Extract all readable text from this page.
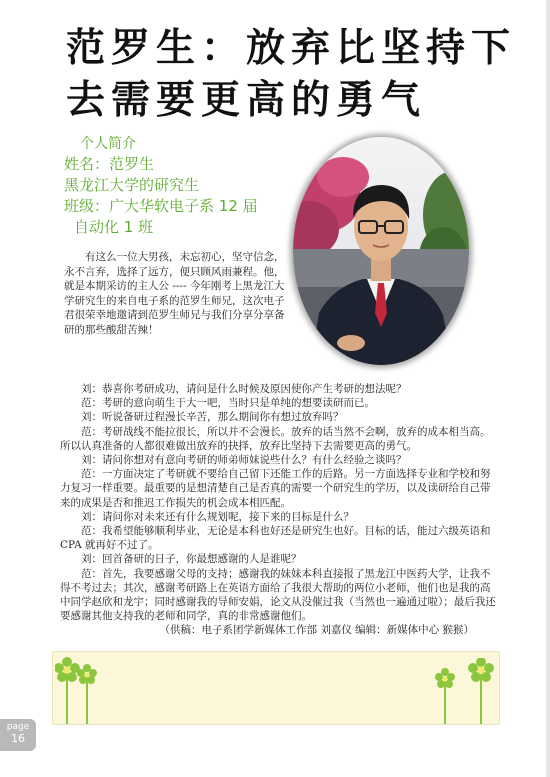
范罗生：放弃比坚持下
去需要更高的勇气
个人简介
姓名：范罗生
黑龙江大学的研究生
班级：广大华软电子系 12 届
自动化 1 班

有这么一位大男孩，未忘初心，坚守信念，永不言弃，选择了远方，便只顾风雨兼程。他，就是本期采访的主人公 ---- 今年刚考上黑龙江大学研究生的来自电子系的范罗生师兄，这次电子君很荣幸地邀请到范罗生师兄与我们分享分享备研的那些酸甜苦辣！

刘：恭喜你考研成功，请问是什么时候及原因使你产生考研的想法呢？

范：考研的意向萌生于大一吧，当时只是单纯的想要读研而已。

刘：听说备研过程漫长辛苦，那么期间你有想过放弃吗？

范：考研战线不能拉很长，所以并不会漫长。放弃的话当然不会啊，放弃的成本相当高。所以认真准备的人都很难做出放弃的抉择，放弃比坚持下去需要更高的勇气。

刘：请问你想对有意向考研的师弟师妹说些什么？有什么经验之谈吗？

范：一方面决定了考研就不要给自己留下还能工作的后路。另一方面选择专业和学校和努力复习一样重要。最重要的是想清楚自己是否真的需要一个研究生的学历，以及读研给自己带来的成果是否和推迟工作损失的机会成本相匹配。

刘：请问你对未来还有什么规划呢，接下来的目标是什么？

范：我希望能够顺利毕业，无论是本科也好还是研究生也好。目标的话，能过六级英语和 CPA 就再好不过了。

刘：回首备研的日子，你最想感谢的人是谁呢？

范：首先，我要感谢父母的支持；感谢我的妹妹本科直接报了黑龙江中医药大学，让我不得不考过去；其次，感谢考研路上在英语方面给了我很大帮助的两位小老师，他们也是我的高中同学赵欣和龙宇；同时感谢我的导师安娟，论文从没催过我（当然也一遍通过啦）；最后我还要感谢其他支持我的老师和同学，真的非常感谢他们。

（供稿：电子系团学新媒体工作部 刘嘉仪 编辑：新媒体中心 猴猴）

page
16
